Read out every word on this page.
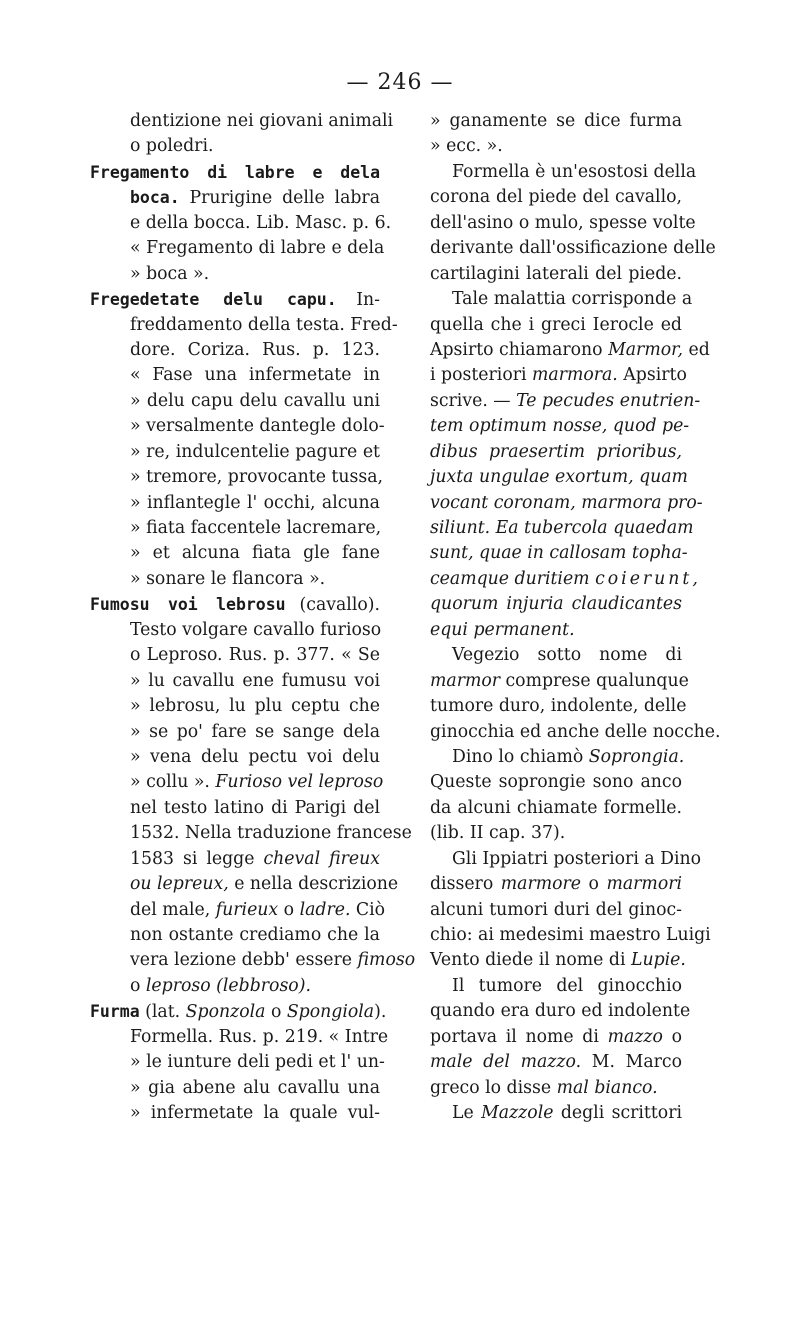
— 246 —
dentizione nei giovani animali
o poledri.
Fregamento di labre e dela
boca. Prurigine delle labra
e della bocca. Lib. Masc. p. 6.
« Fregamento di labre e dela
» boca ».
Fregedetate delu capu. In-
freddamento della testa. Fred-
dore. Coriza. Rus. p. 123.
« Fase una infermetate in
» delu capu delu cavallu uni
» versalmente dantegle dolo-
» re, indulcentelie pagure et
» tremore, provocante tussa,
» inflantegle l' occhi, alcuna
» fiata faccentele lacremare,
» et alcuna fiata gle fane
» sonare le flancora ».
Fumosu voi lebrosu (cavallo).
Testo volgare cavallo furioso
o Leproso. Rus. p. 377. « Se
» lu cavallu ene fumusu voi
» lebrosu, lu plu ceptu che
» se po' fare se sange dela
» vena delu pectu voi delu
» collu ». Furioso vel leproso
nel testo latino di Parigi del
1532. Nella traduzione francese
1583 si legge cheval fireux
ou lepreux, e nella descrizione
del male, furieux o ladre. Ciò
non ostante crediamo che la
vera lezione debb' essere fimoso
o leproso (lebbroso).
Furma (lat. Sponzola o Spongiola).
Formella. Rus. p. 219. « Intre
» le iunture deli pedi et l' un-
» gia abene alu cavallu una
» infermetate la quale vul-
» ganamente se dice furma
» ecc. ».
Formella è un'esostosi della
corona del piede del cavallo,
dell'asino o mulo, spesse volte
derivante dall'ossificazione delle
cartilagini laterali del piede.
Tale malattia corrisponde a
quella che i greci Ierocle ed
Apsirto chiamarono Marmor, ed
i posteriori marmora. Apsirto
scrive. — Te pecudes enutrien-
tem optimum nosse, quod pe-
dibus praesertim prioribus,
juxta ungulae exortum, quam
vocant coronam, marmora pro-
siliunt. Ea tubercola quaedam
sunt, quae in callosam topha-
ceamque duritiem coierunt,
quorum injuria claudicantes
equi permanent.
Vegezio sotto nome di
marmor comprese qualunque
tumore duro, indolente, delle
ginocchia ed anche delle nocche.
Dino lo chiamò Soprongia.
Queste soprongie sono anco
da alcuni chiamate formelle.
(lib. II cap. 37).
Gli Ippiatri posteriori a Dino
dissero marmore o marmori
alcuni tumori duri del ginoc-
chio: ai medesimi maestro Luigi
Vento diede il nome di Lupie.
Il tumore del ginocchio
quando era duro ed indolente
portava il nome di mazzo o
male del mazzo. M. Marco
greco lo disse mal bianco.
Le Mazzole degli scrittori
